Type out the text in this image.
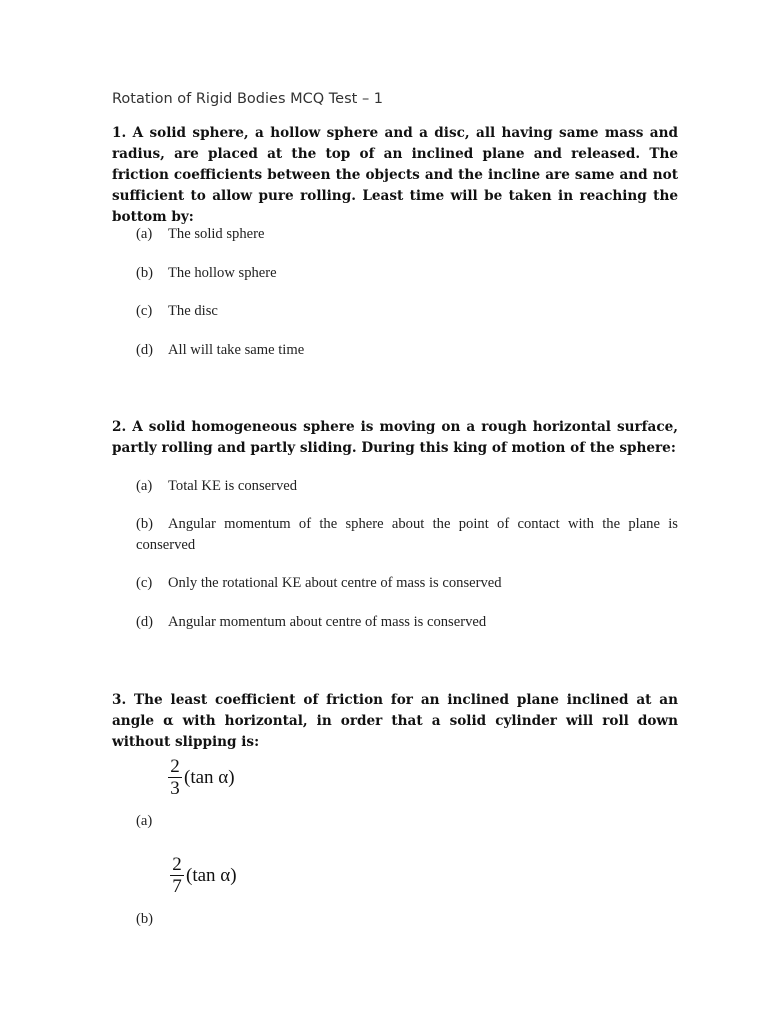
Rotation of Rigid Bodies MCQ Test – 1

1. A solid sphere, a hollow sphere and a disc, all having same mass and radius, are placed at the top of an inclined plane and released. The friction coefficients between the objects and the incline are same and not sufficient to allow pure rolling. Least time will be taken in reaching the bottom by:

(a) The solid sphere
(b) The hollow sphere
(c) The disc
(d) All will take same time

2. A solid homogeneous sphere is moving on a rough horizontal surface, partly rolling and partly sliding. During this king of motion of the sphere:

(a) Total KE is conserved
(b) Angular momentum of the sphere about the point of contact with the plane is conserved
(c) Only the rotational KE about centre of mass is conserved
(d) Angular momentum about centre of mass is conserved

3. The least coefficient of friction for an inclined plane inclined at an angle α with horizontal, in order that a solid cylinder will roll down without slipping is:

$\frac{2}{3} (\tan$ α)
(a)
$\frac{2}{7} (\tan$ α)
(b)
